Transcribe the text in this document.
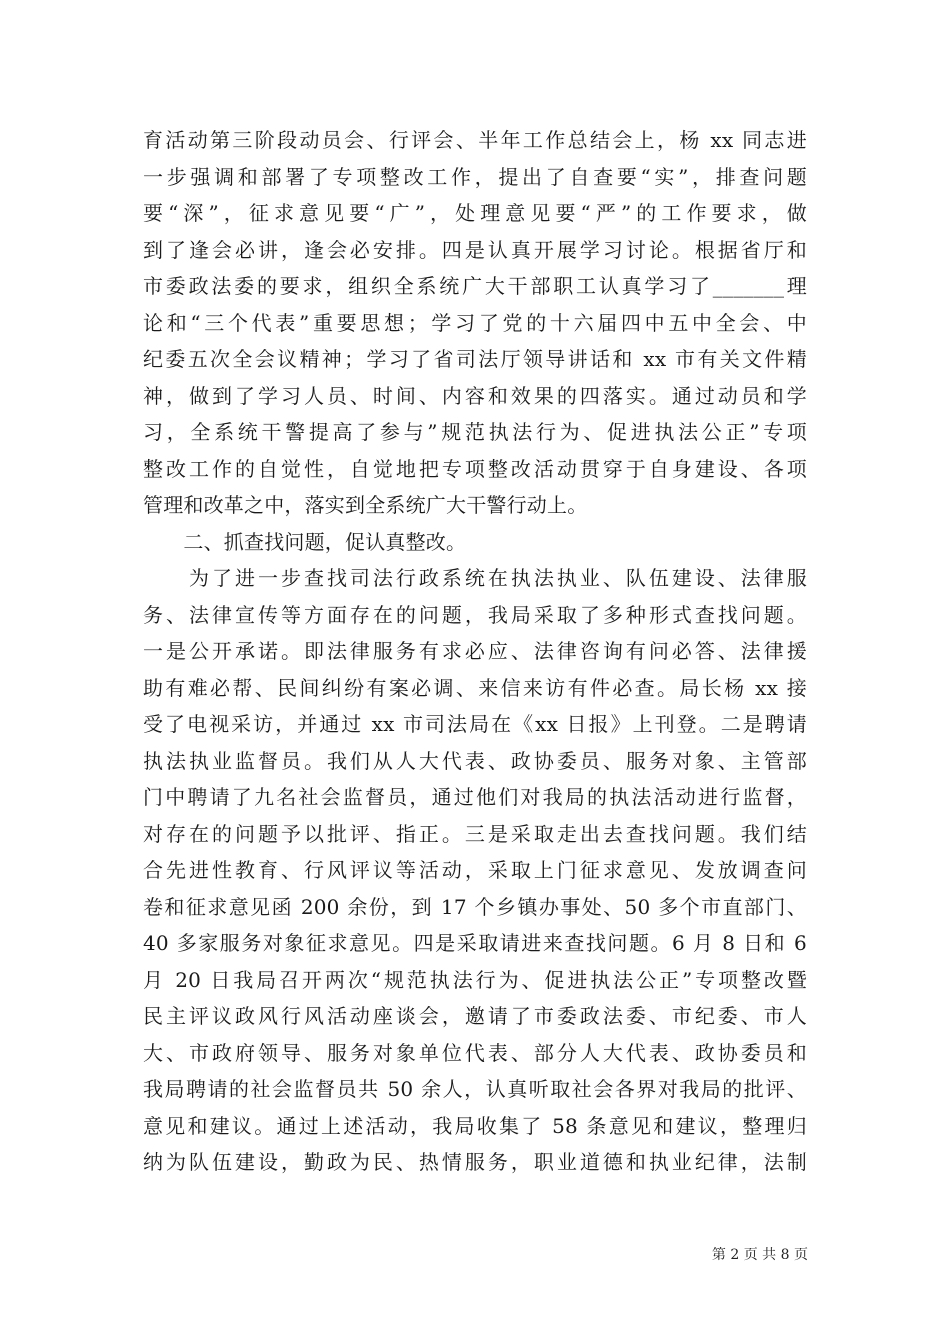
育活动第三阶段动员会、行评会、半年工作总结会上，杨 xx 同志进
一步强调和部署了专项整改工作，提出了自查要“实”，排查问题
要“深”，征求意见要“广”，处理意见要“严”的工作要求，做
到了逢会必讲，逢会必安排。四是认真开展学习讨论。根据省厅和
市委政法委的要求，组织全系统广大干部职工认真学习了_______理
论和“三个代表”重要思想；学习了党的十六届四中五中全会、中
纪委五次全会议精神；学习了省司法厅领导讲话和 xx 市有关文件精
神，做到了学习人员、时间、内容和效果的四落实。通过动员和学
习，全系统干警提高了参与”规范执法行为、促进执法公正”专项
整改工作的自觉性，自觉地把专项整改活动贯穿于自身建设、各项
管理和改革之中，落实到全系统广大干警行动上。
　　二、抓查找问题，促认真整改。
　　为了进一步查找司法行政系统在执法执业、队伍建设、法律服
务、法律宣传等方面存在的问题，我局采取了多种形式查找问题。
一是公开承诺。即法律服务有求必应、法律咨询有问必答、法律援
助有难必帮、民间纠纷有案必调、来信来访有件必查。局长杨 xx 接
受了电视采访，并通过 xx 市司法局在《xx 日报》上刊登。二是聘请
执法执业监督员。我们从人大代表、政协委员、服务对象、主管部
门中聘请了九名社会监督员，通过他们对我局的执法活动进行监督，
对存在的问题予以批评、指正。三是采取走出去查找问题。我们结
合先进性教育、行风评议等活动，采取上门征求意见、发放调查问
卷和征求意见函 200 余份，到 17 个乡镇办事处、50 多个市直部门、
40 多家服务对象征求意见。四是采取请进来查找问题。6 月 8 日和 6
月 20 日我局召开两次“规范执法行为、促进执法公正”专项整改暨
民主评议政风行风活动座谈会，邀请了市委政法委、市纪委、市人
大、市政府领导、服务对象单位代表、部分人大代表、政协委员和
我局聘请的社会监督员共 50 余人，认真听取社会各界对我局的批评、
意见和建议。通过上述活动，我局收集了 58 条意见和建议，整理归
纳为队伍建设，勤政为民、热情服务，职业道德和执业纪律，法制
第 2 页 共 8 页
